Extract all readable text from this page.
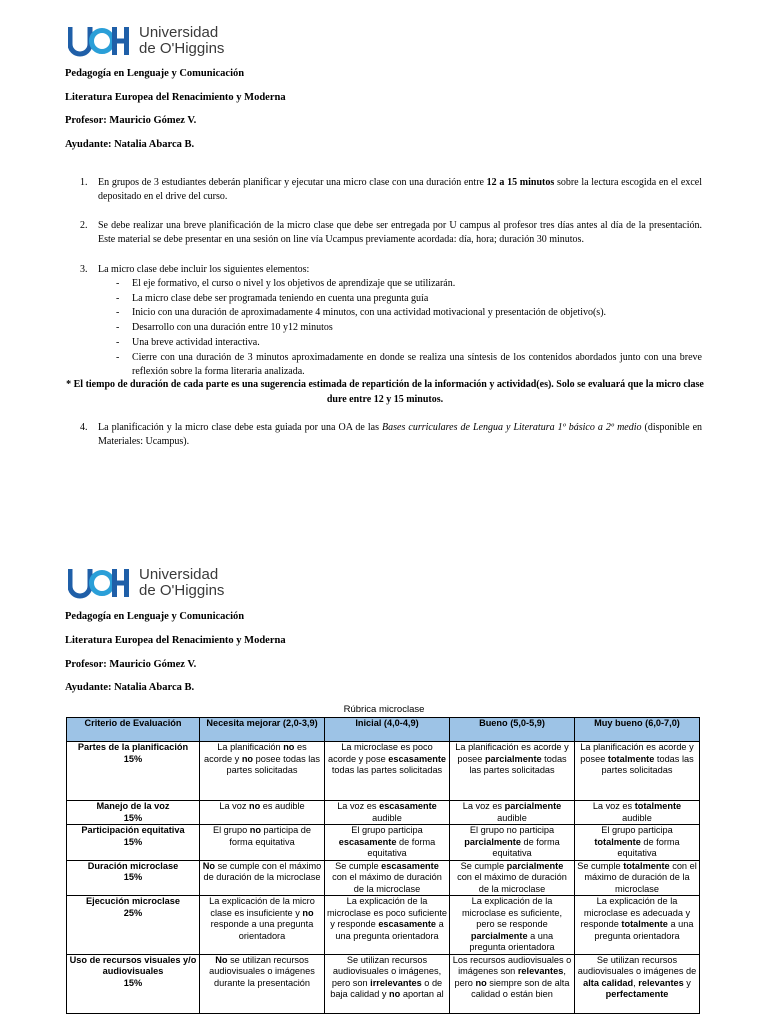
Universidad
de O'Higgins
Pedagogía en Lenguaje y Comunicación
Literatura Europea del Renacimiento y Moderna
Profesor: Mauricio Gómez V.
Ayudante: Natalia Abarca B.
1. En grupos de 3 estudiantes deberán planificar y ejecutar una micro clase con una duración entre 12 a 15 minutos sobre la lectura escogida en el excel depositado en el drive del curso.
2. Se debe realizar una breve planificación de la micro clase que debe ser entregada por U campus al profesor tres días antes al día de la presentación. Este material se debe presentar en una sesión on line vía Ucampus previamente acordada: día, hora; duración 30 minutos.
3. La micro clase debe incluir los siguientes elementos:
- El eje formativo, el curso o nivel y los objetivos de aprendizaje que se utilizarán.
- La micro clase debe ser programada teniendo en cuenta una pregunta guía
- Inicio con una duración de aproximadamente 4 minutos, con una actividad motivacional y presentación de objetivo(s).
- Desarrollo con una duración entre 10 y12 minutos
- Una breve actividad interactiva.
- Cierre con una duración de 3 minutos aproximadamente en donde se realiza una síntesis de los contenidos abordados junto con una breve reflexión sobre la forma literaria analizada.
* El tiempo de duración de cada parte es una sugerencia estimada de repartición de la información y actividad(es). Solo se evaluará que la micro clase dure entre 12 y 15 minutos.
4. La planificación y la micro clase debe esta guiada por una OA de las Bases curriculares de Lengua y Literatura 1º básico a 2º medio (disponible en Materiales: Ucampus).
Universidad
de O'Higgins
Pedagogía en Lenguaje y Comunicación
Literatura Europea del Renacimiento y Moderna
Profesor: Mauricio Gómez V.
Ayudante: Natalia Abarca B.
Rúbrica microclase
Criterio de Evaluación	Necesita mejorar (2,0-3,9)	Inicial (4,0-4,9)	Bueno (5,0-5,9)	Muy bueno (6,0-7,0)

Partes de la planificación
15%	La planificación no es acorde y no posee todas las partes solicitadas	La microclase es poco acorde y pose escasamente todas las partes solicitadas	La planificación es acorde y posee parcialmente todas las partes solicitadas	La planificación es acorde y posee totalmente todas las partes solicitadas

Manejo de la voz
15%	La voz no es audible	La voz es escasamente audible	La voz es parcialmente audible	La voz es totalmente audible

Participación equitativa
15%	El grupo no participa de forma equitativa	El grupo participa escasamente de forma equitativa	El grupo no participa parcialmente de forma equitativa	El grupo participa totalmente de forma equitativa

Duración microclase
15%	No se cumple con el máximo de duración de la microclase	Se cumple escasamente con el máximo de duración de la microclase	Se cumple parcialmente con el máximo de duración de la microclase	Se cumple totalmente con el máximo de duración de la microclase

Ejecución microclase
25%	La explicación de la micro clase es insuficiente y no responde a una pregunta orientadora	La explicación de la microclase es poco suficiente y responde escasamente a una pregunta orientadora	La explicación de la microclase es suficiente, pero se responde parcialmente a una pregunta orientadora	La explicación de la microclase es adecuada y responde totalmente a una pregunta orientadora

Uso de recursos visuales y/o audiovisuales
15%	No se utilizan recursos audiovisuales o imágenes durante la presentación	Se utilizan recursos audiovisuales o imágenes, pero son irrelevantes o de baja calidad y no aportan al	Los recursos audiovisuales o imágenes son relevantes, pero no siempre son de alta calidad o están bien	Se utilizan recursos audiovisuales o imágenes de alta calidad, relevantes y perfectamente
